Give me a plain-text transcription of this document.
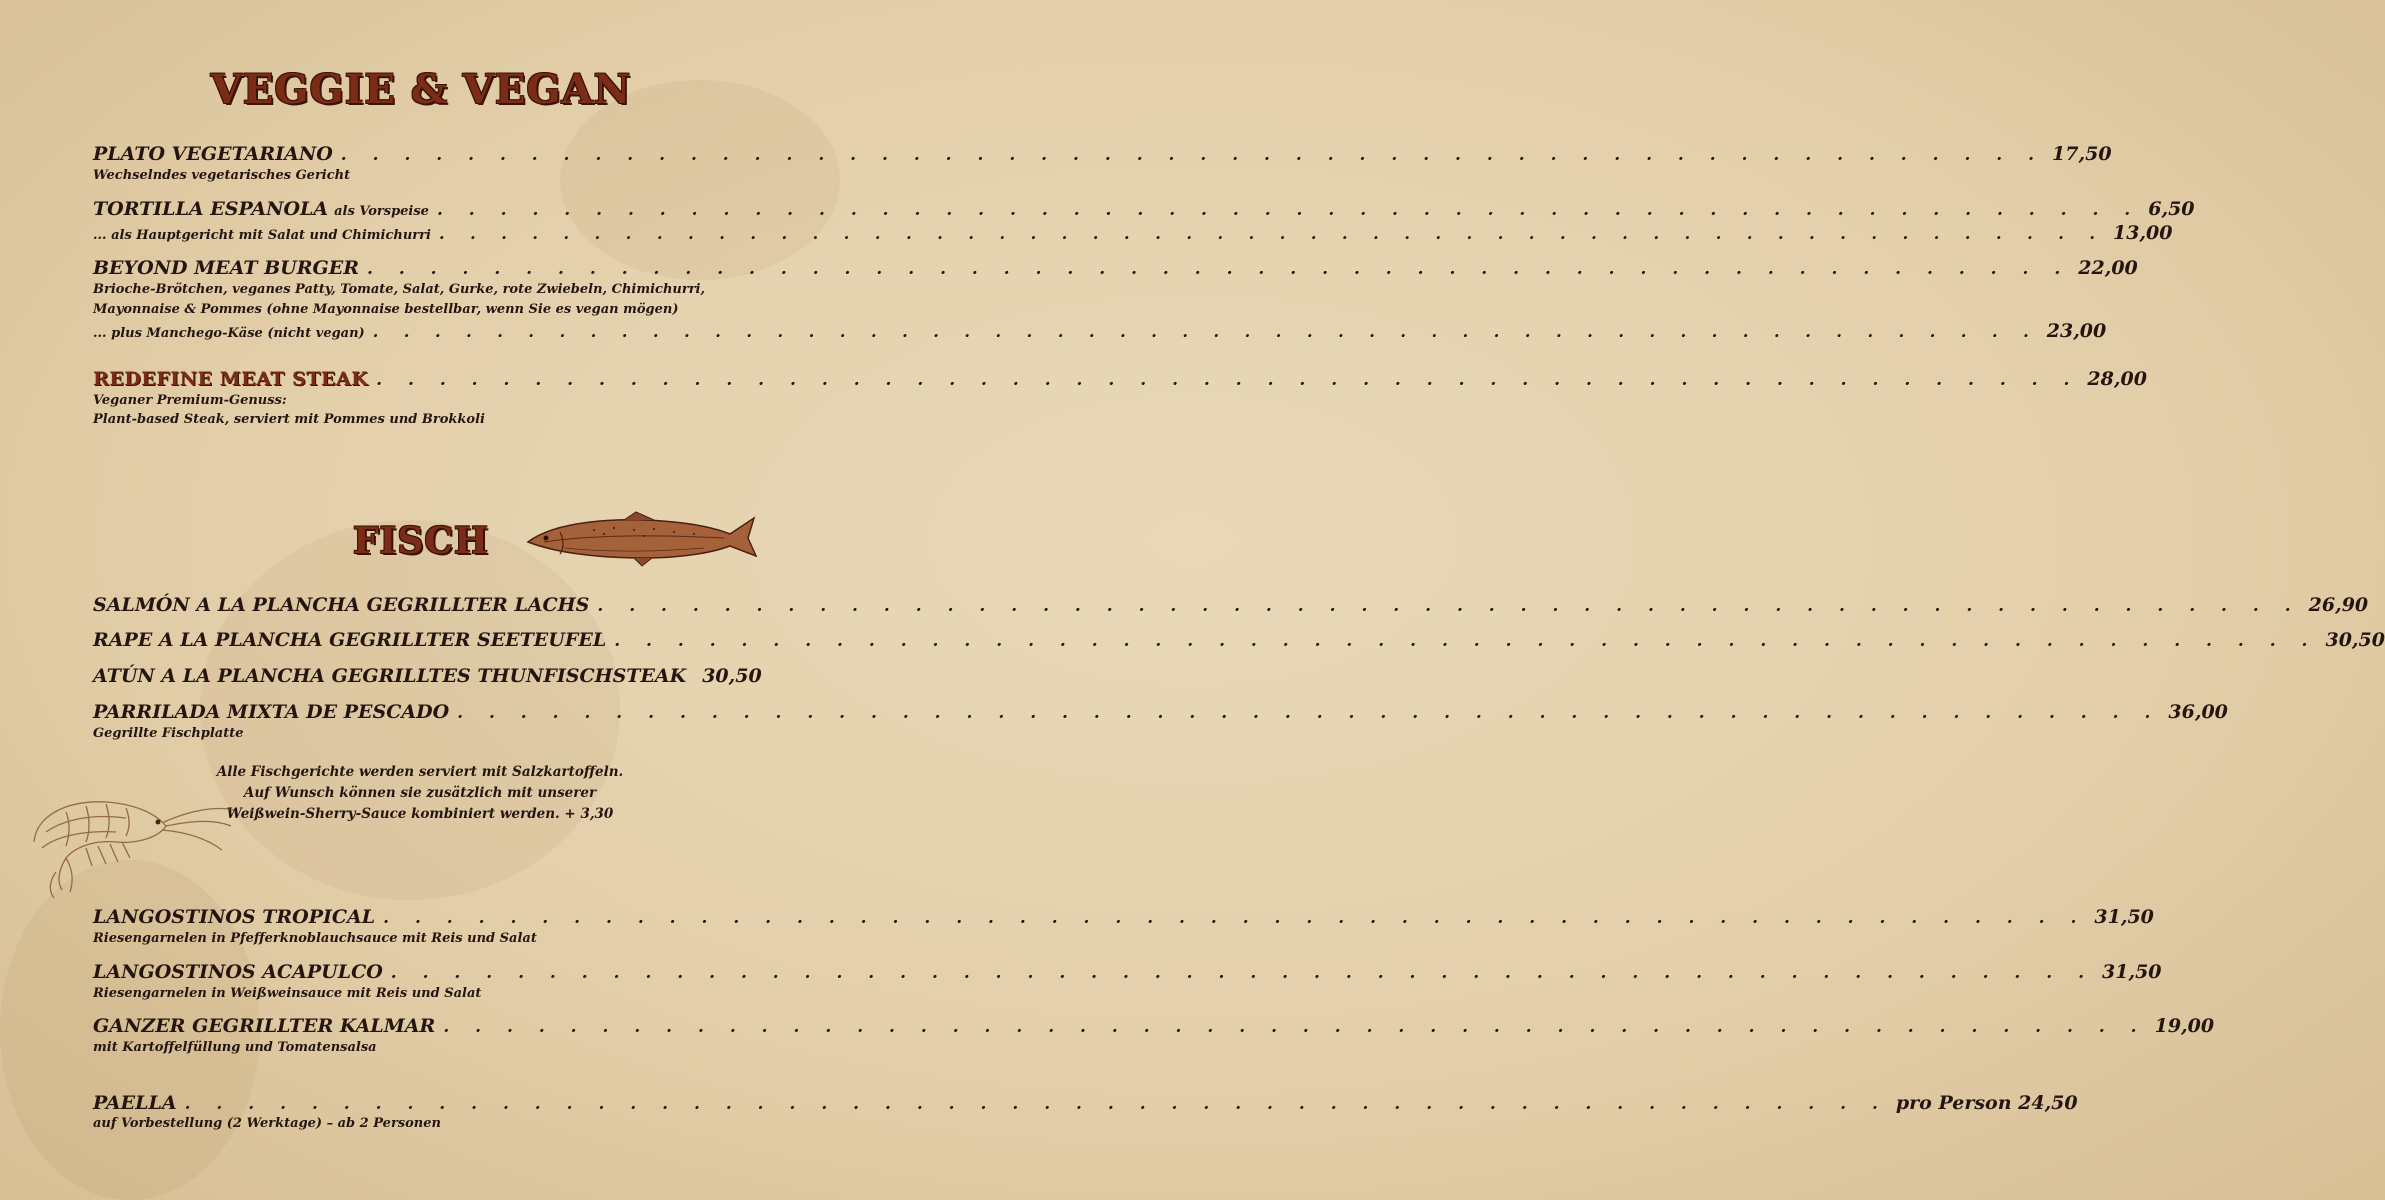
VEGGIE & VEGAN
PLATO VEGETARIANO . . . . . . . . . . . . . . . . . . . . . . . . . . . . . . . . . . . . . . . . . . . . . . . . . . . . . . 17,50
Wechselndes vegetarisches Gericht
TORTILLA ESPANOLA als Vorspeise . . . . . . . . . . . . . . . . . . . . . . . . . . . . . . . . . . . . . . . . . . . . . . . . . . . . . . 6,50
... als Hauptgericht mit Salat und Chimichurri . . . . . . . . . . . . . . . . . . . . . . . . . . . . . . . . . . . . . . . . . . . . . . . . . . . . . . 13,00
BEYOND MEAT BURGER . . . . . . . . . . . . . . . . . . . . . . . . . . . . . . . . . . . . . . . . . . . . . . . . . . . . . . 22,00
Brioche-Brötchen, veganes Patty, Tomate, Salat, Gurke, rote Zwiebeln, Chimichurri,
Mayonnaise & Pommes (ohne Mayonnaise bestellbar, wenn Sie es vegan mögen)
... plus Manchego-Käse (nicht vegan) . . . . . . . . . . . . . . . . . . . . . . . . . . . . . . . . . . . . . . . . . . . . . . . . . . . . . . 23,00
REDEFINE MEAT STEAK . . . . . . . . . . . . . . . . . . . . . . . . . . . . . . . . . . . . . . . . . . . . . . . . . . . . . . 28,00
Veganer Premium-Genuss:
Plant-based Steak, serviert mit Pommes und Brokkoli
FISCH
SALMÓN A LA PLANCHA GEGRILLTER LACHS . . . . . . . . . . . . . . . . . . . . . . . . . . . . . . . . . . . . . . . . . . . . . . . . . . . . . . 26,90
RAPE A LA PLANCHA GEGRILLTER SEETEUFEL . . . . . . . . . . . . . . . . . . . . . . . . . . . . . . . . . . . . . . . . . . . . . . . . . . . . . . 30,50
ATÚN A LA PLANCHA GEGRILLTES THUNFISCHSTEAK 30,50
PARRILADA MIXTA DE PESCADO . . . . . . . . . . . . . . . . . . . . . . . . . . . . . . . . . . . . . . . . . . . . . . . . . . . . . . 36,00
Gegrillte Fischplatte
Alle Fischgerichte werden serviert mit Salzkartoffeln.
Auf Wunsch können sie zusätzlich mit unserer
Weißwein-Sherry-Sauce kombiniert werden. + 3,30
LANGOSTINOS TROPICAL . . . . . . . . . . . . . . . . . . . . . . . . . . . . . . . . . . . . . . . . . . . . . . . . . . . . . . 31,50
Riesengarnelen in Pfefferknoblauchsauce mit Reis und Salat
LANGOSTINOS ACAPULCO . . . . . . . . . . . . . . . . . . . . . . . . . . . . . . . . . . . . . . . . . . . . . . . . . . . . . . 31,50
Riesengarnelen in Weißweinsauce mit Reis und Salat
GANZER GEGRILLTER KALMAR . . . . . . . . . . . . . . . . . . . . . . . . . . . . . . . . . . . . . . . . . . . . . . . . . . . . . . 19,00
mit Kartoffelfüllung und Tomatensalsa
PAELLA . . . . . . . . . . . . . . . . . . . . . . . . . . . . . . . . . . . . . . . . . . . . . . . . . . . . . . pro Person 24,50
auf Vorbestellung (2 Werktage) – ab 2 Personen
